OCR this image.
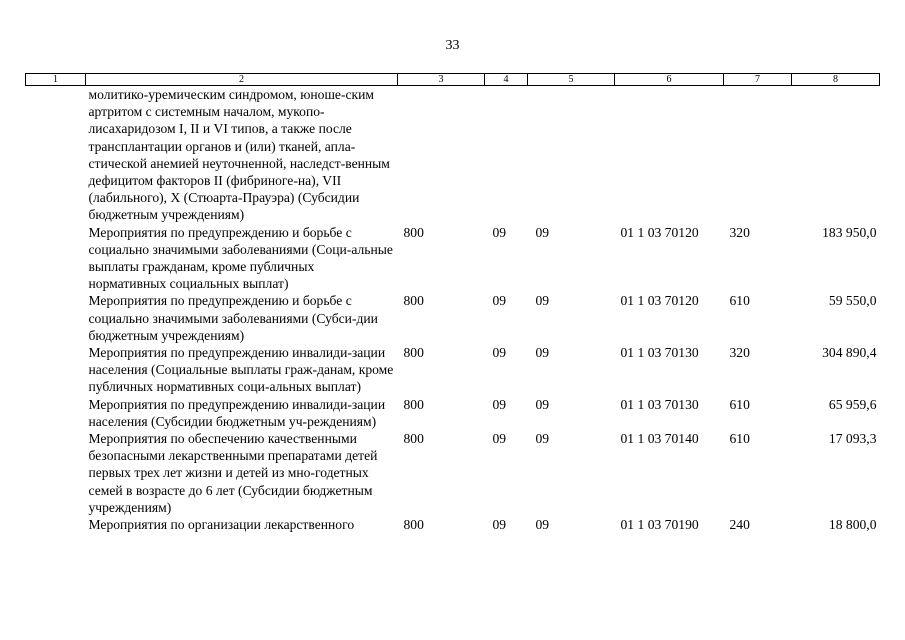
33
1	2	3	4	5	6	7	8
	молитико-уремическим синдромом, юноше-ским артритом с системным началом, мукопо-лисахаридозом I, II и VI типов, а также после трансплантации органов и (или) тканей, апла-стической анемией неуточненной, наследст-венным дефицитом факторов II (фибриноге-на), VII (лабильного), X (Стюарта-Прауэра) (Субсидии бюджетным учреждениям)						
	Мероприятия по предупреждению и борьбе с социально значимыми заболеваниями (Соци-альные выплаты гражданам, кроме публичных нормативных социальных выплат)	800	09	09	01 1 03 70120	320	183 950,0
	Мероприятия по предупреждению и борьбе с социально значимыми заболеваниями (Субси-дии бюджетным учреждениям)	800	09	09	01 1 03 70120	610	59 550,0
	Мероприятия по предупреждению инвалиди-зации населения (Социальные выплаты граж-данам, кроме публичных нормативных соци-альных выплат)	800	09	09	01 1 03 70130	320	304 890,4
	Мероприятия по предупреждению инвалиди-зации населения (Субсидии бюджетным уч-реждениям)	800	09	09	01 1 03 70130	610	65 959,6
	Мероприятия по обеспечению качественными безопасными лекарственными препаратами детей первых трех лет жизни и детей из мно-годетных семей в возрасте до 6 лет (Субсидии бюджетным учреждениям)	800	09	09	01 1 03 70140	610	17 093,3
	Мероприятия по организации лекарственного	800	09	09	01 1 03 70190	240	18 800,0
